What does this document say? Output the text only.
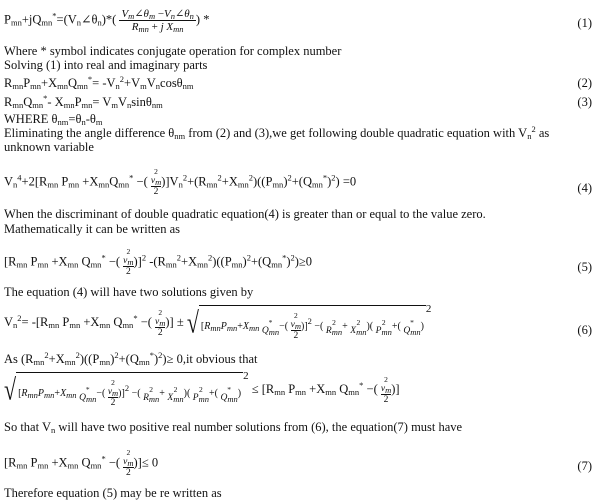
$P_{mn}+jQ_{mn}^*=(V_n\angle\theta_n)*( \frac{V_m\angle\theta_m -V_n\angle\theta_n}{R_{mn} + j X_{mn}}$ ) *	(1)
Where * symbol indicates conjugate operation for complex number
Solving (1) into real and imaginary parts
$R_{mn}P_{mn}+X_{mn}Q_{mn}^*= -V_n^2+V_mV_n\cos\theta_{nm}$	(2)
$R_{mn}Q_{mn}^*-$ $X_{mn}P_{mn}= V_mV_n\sin\theta_{nm}$	(3)
WHERE $\theta_{nm}=\theta_n-\theta_m$
Eliminating the angle difference $\theta_{nm}$ from (2) and (3),we get following double quadratic equation with $V_n^2$ as
unknown variable
$V_n^4+2[R_{mn}$ $P_{mn} +X_{mn}Q_{mn}^*$ −(
2
$v_m$
2
)]$V_n^2+(R_{mn}^2+X_{mn}^2)((P_{mn})^2+(Q_{mn}^*)^2) =0$	(4)
When the discriminant of double quadratic equation(4) is greater than or equal to the value zero.
Mathematically it can be written as
[$R_{mn}$ $P_{mn} +X_{mn}$ $Q_{mn}^*$ −(
2
$v_m$
2
)]$^2$ $-(R_{mn}^2+X_{mn}^2)((P_{mn})^2+(Q_{mn}^*)^2)\ge 0$	(5)
The equation (4) will have two solutions given by
$V_n^2= -[R_{mn}$ $P_{mn} +X_{mn}$ $Q_{mn}^*$ −(
2
$v_m$
2
)] ± √ [$R_{mn}P_{mn}+X_{mn}$
*
$Q_{mn}$ −(
2
$v_m$
2
)]$^2$ −( 2
$R_{mn} + 2$
$X_{mn}$ )( 2
$P_{mn}$ +( *
$Q_{mn}$ )2
(6)
As $(R_{mn}^2+X_{mn}^2)((P_{mn})^2+(Q_{mn}^*)^2)\ge 0,it$ obvious that
√ [$R_{mn}P_{mn}+X_{mn}$
*
$Q_{mn}$ −(
2
$v_m$
2
)]$^2$ −( 2
$R_{mn} + 2$
$X_{mn}$ )( 2
$P_{mn}$ +( *
$Q_{mn}$ )$2 \le [R_{mn}$ $P_{mn} +X_{mn}$ $Q_{mn}^*$ −(
2
$v_m$
2
)]
So that $V_n$ will have two positive real number solutions from (6), the equation(7) must have
[$R_{mn}$ $P_{mn} +X_{mn}$ $Q_{mn}^*$ −(
2
$v_m$
2
)]≤ 0	(7)
Therefore equation (5) may be re written as
